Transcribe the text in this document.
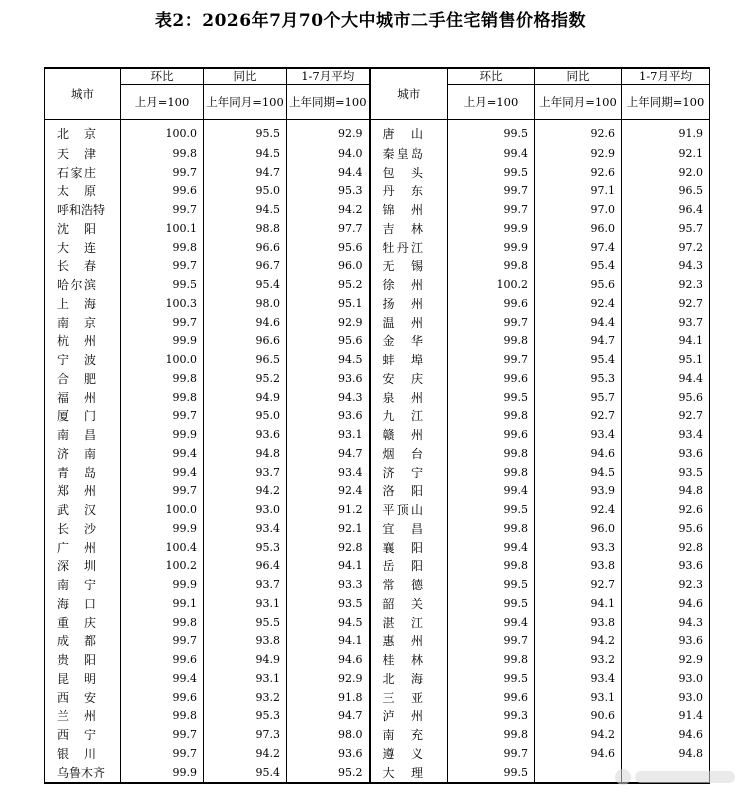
表2：2026年7月70个大中城市二手住宅销售价格指数
城市	环比	同比	1-7月平均	城市	环比	同比	1-7月平均
	上月=100	上年同月=100	上年同期=100		上月=100	上年同月=100	上年同期=100
北京	100.0	95.5	92.9	唐山	99.5	92.6	91.9
天津	99.8	94.5	94.0	秦皇岛	99.4	92.9	92.1
石家庄	99.7	94.7	94.4	包头	99.5	92.6	92.0
太原	99.6	95.0	95.3	丹东	99.7	97.1	96.5
呼和浩特	99.7	94.5	94.2	锦州	99.7	97.0	96.4
沈阳	100.1	98.8	97.7	吉林	99.9	96.0	95.7
大连	99.8	96.6	95.6	牡丹江	99.9	97.4	97.2
长春	99.7	96.7	96.0	无锡	99.8	95.4	94.3
哈尔滨	99.5	95.4	95.2	徐州	100.2	95.6	92.3
上海	100.3	98.0	95.1	扬州	99.6	92.4	92.7
南京	99.7	94.6	92.9	温州	99.7	94.4	93.7
杭州	99.9	96.6	95.6	金华	99.8	94.7	94.1
宁波	100.0	96.5	94.5	蚌埠	99.7	95.4	95.1
合肥	99.8	95.2	93.6	安庆	99.6	95.3	94.4
福州	99.8	94.9	94.3	泉州	99.5	95.7	95.6
厦门	99.7	95.0	93.6	九江	99.8	92.7	92.7
南昌	99.9	93.6	93.1	赣州	99.6	93.4	93.4
济南	99.4	94.8	94.7	烟台	99.8	94.6	93.6
青岛	99.4	93.7	93.4	济宁	99.8	94.5	93.5
郑州	99.7	94.2	92.4	洛阳	99.4	93.9	94.8
武汉	100.0	93.0	91.2	平顶山	99.5	92.4	92.6
长沙	99.9	93.4	92.1	宜昌	99.8	96.0	95.6
广州	100.4	95.3	92.8	襄阳	99.4	93.3	92.8
深圳	100.2	96.4	94.1	岳阳	99.8	93.8	93.6
南宁	99.9	93.7	93.3	常德	99.5	92.7	92.3
海口	99.1	93.1	93.5	韶关	99.5	94.1	94.6
重庆	99.8	95.5	94.5	湛江	99.4	93.8	94.3
成都	99.7	93.8	94.1	惠州	99.7	94.2	93.6
贵阳	99.6	94.9	94.6	桂林	99.8	93.2	92.9
昆明	99.4	93.1	92.9	北海	99.5	93.4	93.0
西安	99.6	93.2	91.8	三亚	99.6	93.1	93.0
兰州	99.8	95.3	94.7	泸州	99.3	90.6	91.4
西宁	99.7	97.3	98.0	南充	99.8	94.2	94.6
银川	99.7	94.2	93.6	遵义	99.7	94.6	94.8
乌鲁木齐	99.9	95.4	95.2	大理	99.5		
